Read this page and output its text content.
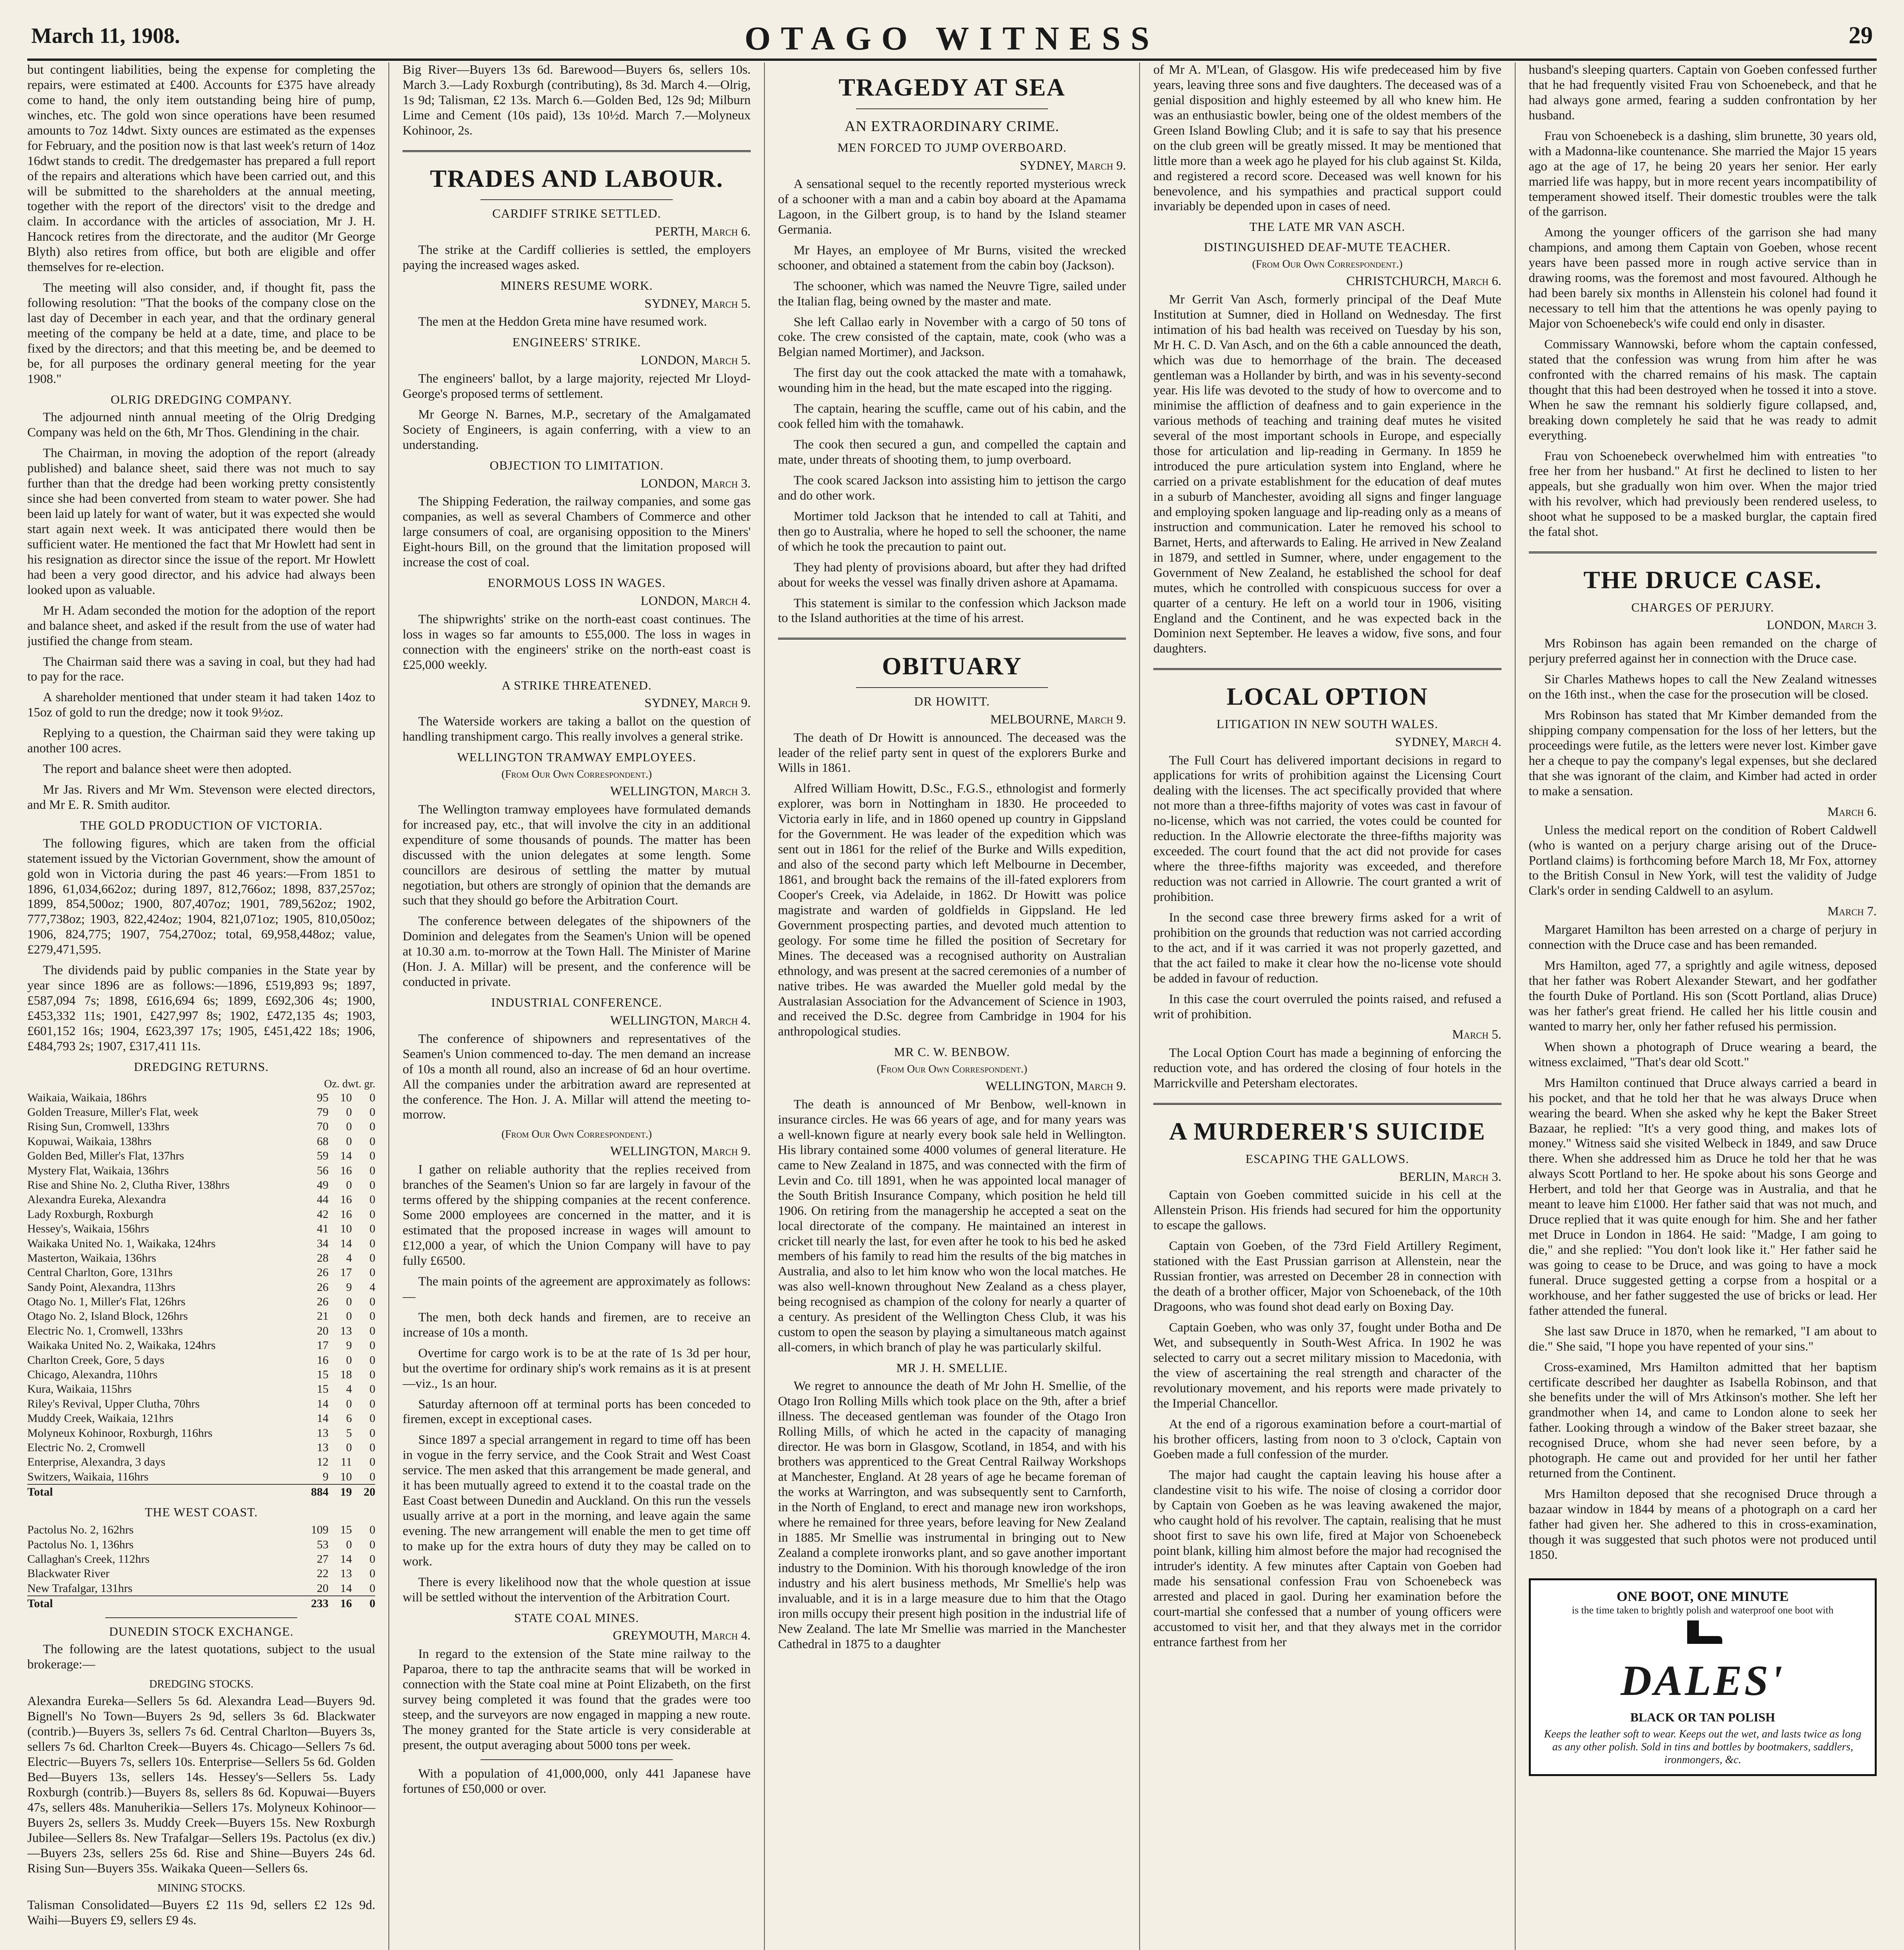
March 11, 1908.	OTAGO WITNESS	29

but contingent liabilities, being the expense for completing the repairs, were estimated at £400. Accounts for £375 have already come to hand, the only item outstanding being hire of pump, winches, etc. The gold won since operations have been resumed amounts to 7oz 14dwt. Sixty ounces are estimated as the expenses for February, and the position now is that last week's return of 14oz 16dwt stands to credit. The dredgemaster has prepared a full report of the repairs and alterations which have been carried out, and this will be submitted to the shareholders at the annual meeting, together with the report of the directors' visit to the dredge and claim. In accordance with the articles of association, Mr J. H. Hancock retires from the directorate, and the auditor (Mr George Blyth) also retires from office, but both are eligible and offer themselves for re-election.

The meeting will also consider, and, if thought fit, pass the following resolution: "That the books of the company close on the last day of December in each year, and that the ordinary general meeting of the company be held at a date, time, and place to be fixed by the directors; and that this meeting be, and be deemed to be, for all purposes the ordinary general meeting for the year 1908."

OLRIG DREDGING COMPANY.

The adjourned ninth annual meeting of the Olrig Dredging Company was held on the 6th, Mr Thos. Glendining in the chair.

The Chairman, in moving the adoption of the report (already published) and balance sheet, said there was not much to say further than that the dredge had been working pretty consistently since she had been converted from steam to water power. She had been laid up lately for want of water, but it was expected she would start again next week. It was anticipated there would then be sufficient water. He mentioned the fact that Mr Howlett had sent in his resignation as director since the issue of the report. Mr Howlett had been a very good director, and his advice had always been looked upon as valuable.

Mr H. Adam seconded the motion for the adoption of the report and balance sheet, and asked if the result from the use of water had justified the change from steam.

The Chairman said there was a saving in coal, but they had had to pay for the race.

A shareholder mentioned that under steam it had taken 14oz to 15oz of gold to run the dredge; now it took 9½oz.

Replying to a question, the Chairman said they were taking up another 100 acres.

The report and balance sheet were then adopted.

Mr Jas. Rivers and Mr Wm. Stevenson were elected directors, and Mr E. R. Smith auditor.

THE GOLD PRODUCTION OF VICTORIA.

The following figures, which are taken from the official statement issued by the Victorian Government, show the amount of gold won in Victoria during the past 46 years:—From 1851 to 1896, 61,034,662oz; during 1897, 812,766oz; 1898, 837,257oz; 1899, 854,500oz; 1900, 807,407oz; 1901, 789,562oz; 1902, 777,738oz; 1903, 822,424oz; 1904, 821,071oz; 1905, 810,050oz; 1906, 824,775; 1907, 754,270oz; total, 69,958,448oz; value, £279,471,595.

The dividends paid by public companies in the State year by year since 1896 are as follows:—1896, £519,893 9s; 1897, £587,094 7s; 1898, £616,694 6s; 1899, £692,306 4s; 1900, £453,332 11s; 1901, £427,997 8s; 1902, £472,135 4s; 1903, £601,152 16s; 1904, £623,397 17s; 1905, £451,422 18s; 1906, £484,793 2s; 1907, £317,411 11s.

DREDGING RETURNS.
Oz. dwt. gr.
Waikaia, Waikaia, 186hrs	95	10	0
Golden Treasure, Miller's Flat, week	79	0	0
Rising Sun, Cromwell, 133hrs	70	0	0
Kopuwai, Waikaia, 138hrs	68	0	0
Golden Bed, Miller's Flat, 137hrs	59	14	0
Mystery Flat, Waikaia, 136hrs	56	16	0
Rise and Shine No. 2, Clutha River, 138hrs	49	0	0
Alexandra Eureka, Alexandra	44	16	0
Lady Roxburgh, Roxburgh	42	16	0
Hessey's, Waikaia, 156hrs	41	10	0
Waikaka United No. 1, Waikaka, 124hrs	34	14	0
Masterton, Waikaia, 136hrs	28	4	0
Central Charlton, Gore, 131hrs	26	17	0
Sandy Point, Alexandra, 113hrs	26	9	4
Otago No. 1, Miller's Flat, 126hrs	26	0	0
Otago No. 2, Island Block, 126hrs	21	0	0
Electric No. 1, Cromwell, 133hrs	20	13	0
Waikaka United No. 2, Waikaka, 124hrs	17	9	0
Charlton Creek, Gore, 5 days	16	0	0
Chicago, Alexandra, 110hrs	15	18	0
Kura, Waikaia, 115hrs	15	4	0
Riley's Revival, Upper Clutha, 70hrs	14	0	0
Muddy Creek, Waikaia, 121hrs	14	6	0
Molyneux Kohinoor, Roxburgh, 116hrs	13	5	0
Electric No. 2, Cromwell	13	0	0
Enterprise, Alexandra, 3 days	12	11	0
Switzers, Waikaia, 116hrs	9	10	0
Total	884	19	20
THE WEST COAST.
Pactolus No. 2, 162hrs	109	15	0
Pactolus No. 1, 136hrs	53	0	0
Callaghan's Creek, 112hrs	27	14	0
Blackwater River	22	13	0
New Trafalgar, 131hrs	20	14	0
Total	233	16	0
DUNEDIN STOCK EXCHANGE.

The following are the latest quotations, subject to the usual brokerage:—

DREDGING STOCKS.

Alexandra Eureka—Sellers 5s 6d. Alexandra Lead—Buyers 9d. Bignell's No Town—Buyers 2s 9d, sellers 3s 6d. Blackwater (contrib.)—Buyers 3s, sellers 7s 6d. Central Charlton—Buyers 3s, sellers 7s 6d. Charlton Creek—Buyers 4s. Chicago—Sellers 7s 6d. Electric—Buyers 7s, sellers 10s. Enterprise—Sellers 5s 6d. Golden Bed—Buyers 13s, sellers 14s. Hessey's—Sellers 5s. Lady Roxburgh (contrib.)—Buyers 8s, sellers 8s 6d. Kopuwai—Buyers 47s, sellers 48s. Manuherikia—Sellers 17s. Molyneux Kohinoor—Buyers 2s, sellers 3s. Muddy Creek—Buyers 15s. New Roxburgh Jubilee—Sellers 8s. New Trafalgar—Sellers 19s. Pactolus (ex div.)—Buyers 23s, sellers 25s 6d. Rise and Shine—Buyers 24s 6d. Rising Sun—Buyers 35s. Waikaka Queen—Sellers 6s.

MINING STOCKS.

Talisman Consolidated—Buyers £2 11s 9d, sellers £2 12s 9d. Waihi—Buyers £9, sellers £9 4s.

Big River—Buyers 13s 6d. Barewood—Buyers 6s, sellers 10s. March 3.—Lady Roxburgh (contributing), 8s 3d. March 4.—Olrig, 1s 9d; Talisman, £2 13s. March 6.—Golden Bed, 12s 9d; Milburn Lime and Cement (10s paid), 13s 10½d. March 7.—Molyneux Kohinoor, 2s.

TRADES AND LABOUR.
CARDIFF STRIKE SETTLED.
PERTH, March 6.

The strike at the Cardiff collieries is settled, the employers paying the increased wages asked.

MINERS RESUME WORK.
SYDNEY, March 5.

The men at the Heddon Greta mine have resumed work.

ENGINEERS' STRIKE.
LONDON, March 5.

The engineers' ballot, by a large majority, rejected Mr Lloyd-George's proposed terms of settlement.

Mr George N. Barnes, M.P., secretary of the Amalgamated Society of Engineers, is again conferring, with a view to an understanding.

OBJECTION TO LIMITATION.
LONDON, March 3.

The Shipping Federation, the railway companies, and some gas companies, as well as several Chambers of Commerce and other large consumers of coal, are organising opposition to the Miners' Eight-hours Bill, on the ground that the limitation proposed will increase the cost of coal.

ENORMOUS LOSS IN WAGES.
LONDON, March 4.

The shipwrights' strike on the north-east coast continues. The loss in wages so far amounts to £55,000. The loss in wages in connection with the engineers' strike on the north-east coast is £25,000 weekly.

A STRIKE THREATENED.
SYDNEY, March 9.

The Waterside workers are taking a ballot on the question of handling transhipment cargo. This really involves a general strike.

WELLINGTON TRAMWAY EMPLOYEES.
(From Our Own Correspondent.)
WELLINGTON, March 3.

The Wellington tramway employees have formulated demands for increased pay, etc., that will involve the city in an additional expenditure of some thousands of pounds. The matter has been discussed with the union delegates at some length. Some councillors are desirous of settling the matter by mutual negotiation, but others are strongly of opinion that the demands are such that they should go before the Arbitration Court.

The conference between delegates of the shipowners of the Dominion and delegates from the Seamen's Union will be opened at 10.30 a.m. to-morrow at the Town Hall. The Minister of Marine (Hon. J. A. Millar) will be present, and the conference will be conducted in private.

INDUSTRIAL CONFERENCE.
WELLINGTON, March 4.

The conference of shipowners and representatives of the Seamen's Union commenced to-day. The men demand an increase of 10s a month all round, also an increase of 6d an hour overtime. All the companies under the arbitration award are represented at the conference. The Hon. J. A. Millar will attend the meeting to-morrow.

(From Our Own Correspondent.)
WELLINGTON, March 9.

I gather on reliable authority that the replies received from branches of the Seamen's Union so far are largely in favour of the terms offered by the shipping companies at the recent conference. Some 2000 employees are concerned in the matter, and it is estimated that the proposed increase in wages will amount to £12,000 a year, of which the Union Company will have to pay fully £6500.

The main points of the agreement are approximately as follows:—

The men, both deck hands and firemen, are to receive an increase of 10s a month.

Overtime for cargo work is to be at the rate of 1s 3d per hour, but the overtime for ordinary ship's work remains as it is at present—viz., 1s an hour.

Saturday afternoon off at terminal ports has been conceded to firemen, except in exceptional cases.

Since 1897 a special arrangement in regard to time off has been in vogue in the ferry service, and the Cook Strait and West Coast service. The men asked that this arrangement be made general, and it has been mutually agreed to extend it to the coastal trade on the East Coast between Dunedin and Auckland. On this run the vessels usually arrive at a port in the morning, and leave again the same evening. The new arrangement will enable the men to get time off to make up for the extra hours of duty they may be called on to work.

There is every likelihood now that the whole question at issue will be settled without the intervention of the Arbitration Court.

STATE COAL MINES.
GREYMOUTH, March 4.

In regard to the extension of the State mine railway to the Paparoa, there to tap the anthracite seams that will be worked in connection with the State coal mine at Point Elizabeth, on the first survey being completed it was found that the grades were too steep, and the surveyors are now engaged in mapping a new route. The money granted for the State article is very considerable at present, the output averaging about 5000 tons per week.

With a population of 41,000,000, only 441 Japanese have fortunes of £50,000 or over.

TRAGEDY AT SEA
AN EXTRAORDINARY CRIME.
MEN FORCED TO JUMP OVERBOARD.
SYDNEY, March 9.

A sensational sequel to the recently reported mysterious wreck of a schooner with a man and a cabin boy aboard at the Apamama Lagoon, in the Gilbert group, is to hand by the Island steamer Germania.

Mr Hayes, an employee of Mr Burns, visited the wrecked schooner, and obtained a statement from the cabin boy (Jackson).

The schooner, which was named the Neuvre Tigre, sailed under the Italian flag, being owned by the master and mate.

She left Callao early in November with a cargo of 50 tons of coke. The crew consisted of the captain, mate, cook (who was a Belgian named Mortimer), and Jackson.

The first day out the cook attacked the mate with a tomahawk, wounding him in the head, but the mate escaped into the rigging.

The captain, hearing the scuffle, came out of his cabin, and the cook felled him with the tomahawk.

The cook then secured a gun, and compelled the captain and mate, under threats of shooting them, to jump overboard.

The cook scared Jackson into assisting him to jettison the cargo and do other work.

Mortimer told Jackson that he intended to call at Tahiti, and then go to Australia, where he hoped to sell the schooner, the name of which he took the precaution to paint out.

They had plenty of provisions aboard, but after they had drifted about for weeks the vessel was finally driven ashore at Apamama.

This statement is similar to the confession which Jackson made to the Island authorities at the time of his arrest.

OBITUARY
DR HOWITT.
MELBOURNE, March 9.

The death of Dr Howitt is announced. The deceased was the leader of the relief party sent in quest of the explorers Burke and Wills in 1861.

Alfred William Howitt, D.Sc., F.G.S., ethnologist and formerly explorer, was born in Nottingham in 1830. He proceeded to Victoria early in life, and in 1860 opened up country in Gippsland for the Government. He was leader of the expedition which was sent out in 1861 for the relief of the Burke and Wills expedition, and also of the second party which left Melbourne in December, 1861, and brought back the remains of the ill-fated explorers from Cooper's Creek, via Adelaide, in 1862. Dr Howitt was police magistrate and warden of goldfields in Gippsland. He led Government prospecting parties, and devoted much attention to geology. For some time he filled the position of Secretary for Mines. The deceased was a recognised authority on Australian ethnology, and was present at the sacred ceremonies of a number of native tribes. He was awarded the Mueller gold medal by the Australasian Association for the Advancement of Science in 1903, and received the D.Sc. degree from Cambridge in 1904 for his anthropological studies.

MR C. W. BENBOW.
(From Our Own Correspondent.)
WELLINGTON, March 9.

The death is announced of Mr Benbow, well-known in insurance circles. He was 66 years of age, and for many years was a well-known figure at nearly every book sale held in Wellington. His library contained some 4000 volumes of general literature. He came to New Zealand in 1875, and was connected with the firm of Levin and Co. till 1891, when he was appointed local manager of the South British Insurance Company, which position he held till 1906. On retiring from the managership he accepted a seat on the local directorate of the company. He maintained an interest in cricket till nearly the last, for even after he took to his bed he asked members of his family to read him the results of the big matches in Australia, and also to let him know who won the local matches. He was also well-known throughout New Zealand as a chess player, being recognised as champion of the colony for nearly a quarter of a century. As president of the Wellington Chess Club, it was his custom to open the season by playing a simultaneous match against all-comers, in which branch of play he was particularly skilful.

MR J. H. SMELLIE.

We regret to announce the death of Mr John H. Smellie, of the Otago Iron Rolling Mills which took place on the 9th, after a brief illness. The deceased gentleman was founder of the Otago Iron Rolling Mills, of which he acted in the capacity of managing director. He was born in Glasgow, Scotland, in 1854, and with his brothers was apprenticed to the Great Central Railway Workshops at Manchester, England. At 28 years of age he became foreman of the works at Warrington, and was subsequently sent to Carnforth, in the North of England, to erect and manage new iron workshops, where he remained for three years, before leaving for New Zealand in 1885. Mr Smellie was instrumental in bringing out to New Zealand a complete ironworks plant, and so gave another important industry to the Dominion. With his thorough knowledge of the iron industry and his alert business methods, Mr Smellie's help was invaluable, and it is in a large measure due to him that the Otago iron mills occupy their present high position in the industrial life of New Zealand. The late Mr Smellie was married in the Manchester Cathedral in 1875 to a daughter

of Mr A. M'Lean, of Glasgow. His wife predeceased him by five years, leaving three sons and five daughters. The deceased was of a genial disposition and highly esteemed by all who knew him. He was an enthusiastic bowler, being one of the oldest members of the Green Island Bowling Club; and it is safe to say that his presence on the club green will be greatly missed. It may be mentioned that little more than a week ago he played for his club against St. Kilda, and registered a record score. Deceased was well known for his benevolence, and his sympathies and practical support could invariably be depended upon in cases of need.

THE LATE MR VAN ASCH.
DISTINGUISHED DEAF-MUTE TEACHER.
(From Our Own Correspondent.)
CHRISTCHURCH, March 6.

Mr Gerrit Van Asch, formerly principal of the Deaf Mute Institution at Sumner, died in Holland on Wednesday. The first intimation of his bad health was received on Tuesday by his son, Mr H. C. D. Van Asch, and on the 6th a cable announced the death, which was due to hemorrhage of the brain. The deceased gentleman was a Hollander by birth, and was in his seventy-second year. His life was devoted to the study of how to overcome and to minimise the affliction of deafness and to gain experience in the various methods of teaching and training deaf mutes he visited several of the most important schools in Europe, and especially those for articulation and lip-reading in Germany. In 1859 he introduced the pure articulation system into England, where he carried on a private establishment for the education of deaf mutes in a suburb of Manchester, avoiding all signs and finger language and employing spoken language and lip-reading only as a means of instruction and communication. Later he removed his school to Barnet, Herts, and afterwards to Ealing. He arrived in New Zealand in 1879, and settled in Sumner, where, under engagement to the Government of New Zealand, he established the school for deaf mutes, which he controlled with conspicuous success for over a quarter of a century. He left on a world tour in 1906, visiting England and the Continent, and he was expected back in the Dominion next September. He leaves a widow, five sons, and four daughters.

LOCAL OPTION
LITIGATION IN NEW SOUTH WALES.
SYDNEY, March 4.

The Full Court has delivered important decisions in regard to applications for writs of prohibition against the Licensing Court dealing with the licenses. The act specifically provided that where not more than a three-fifths majority of votes was cast in favour of no-license, which was not carried, the votes could be counted for reduction. In the Allowrie electorate the three-fifths majority was exceeded. The court found that the act did not provide for cases where the three-fifths majority was exceeded, and therefore reduction was not carried in Allowrie. The court granted a writ of prohibition.

In the second case three brewery firms asked for a writ of prohibition on the grounds that reduction was not carried according to the act, and if it was carried it was not properly gazetted, and that the act failed to make it clear how the no-license vote should be added in favour of reduction.

In this case the court overruled the points raised, and refused a writ of prohibition.

March 5.

The Local Option Court has made a beginning of enforcing the reduction vote, and has ordered the closing of four hotels in the Marrickville and Petersham electorates.

A MURDERER'S SUICIDE
ESCAPING THE GALLOWS.
BERLIN, March 3.

Captain von Goeben committed suicide in his cell at the Allenstein Prison. His friends had secured for him the opportunity to escape the gallows.

Captain von Goeben, of the 73rd Field Artillery Regiment, stationed with the East Prussian garrison at Allenstein, near the Russian frontier, was arrested on December 28 in connection with the death of a brother officer, Major von Schoeneback, of the 10th Dragoons, who was found shot dead early on Boxing Day.

Captain Goeben, who was only 37, fought under Botha and De Wet, and subsequently in South-West Africa. In 1902 he was selected to carry out a secret military mission to Macedonia, with the view of ascertaining the real strength and character of the revolutionary movement, and his reports were made privately to the Imperial Chancellor.

At the end of a rigorous examination before a court-martial of his brother officers, lasting from noon to 3 o'clock, Captain von Goeben made a full confession of the murder.

The major had caught the captain leaving his house after a clandestine visit to his wife. The noise of closing a corridor door by Captain von Goeben as he was leaving awakened the major, who caught hold of his revolver. The captain, realising that he must shoot first to save his own life, fired at Major von Schoenebeck point blank, killing him almost before the major had recognised the intruder's identity. A few minutes after Captain von Goeben had made his sensational confession Frau von Schoenebeck was arrested and placed in gaol. During her examination before the court-martial she confessed that a number of young officers were accustomed to visit her, and that they always met in the corridor entrance farthest from her

husband's sleeping quarters. Captain von Goeben confessed further that he had frequently visited Frau von Schoenebeck, and that he had always gone armed, fearing a sudden confrontation by her husband.

Frau von Schoenebeck is a dashing, slim brunette, 30 years old, with a Madonna-like countenance. She married the Major 15 years ago at the age of 17, he being 20 years her senior. Her early married life was happy, but in more recent years incompatibility of temperament showed itself. Their domestic troubles were the talk of the garrison.

Among the younger officers of the garrison she had many champions, and among them Captain von Goeben, whose recent years have been passed more in rough active service than in drawing rooms, was the foremost and most favoured. Although he had been barely six months in Allenstein his colonel had found it necessary to tell him that the attentions he was openly paying to Major von Schoenebeck's wife could end only in disaster.

Commissary Wannowski, before whom the captain confessed, stated that the confession was wrung from him after he was confronted with the charred remains of his mask. The captain thought that this had been destroyed when he tossed it into a stove. When he saw the remnant his soldierly figure collapsed, and, breaking down completely he said that he was ready to admit everything.

Frau von Schoenebeck overwhelmed him with entreaties "to free her from her husband." At first he declined to listen to her appeals, but she gradually won him over. When the major tried with his revolver, which had previously been rendered useless, to shoot what he supposed to be a masked burglar, the captain fired the fatal shot.

THE DRUCE CASE.
CHARGES OF PERJURY.
LONDON, March 3.

Mrs Robinson has again been remanded on the charge of perjury preferred against her in connection with the Druce case.

Sir Charles Mathews hopes to call the New Zealand witnesses on the 16th inst., when the case for the prosecution will be closed.

Mrs Robinson has stated that Mr Kimber demanded from the shipping company compensation for the loss of her letters, but the proceedings were futile, as the letters were never lost. Kimber gave her a cheque to pay the company's legal expenses, but she declared that she was ignorant of the claim, and Kimber had acted in order to make a sensation.

March 6.

Unless the medical report on the condition of Robert Caldwell (who is wanted on a perjury charge arising out of the Druce-Portland claims) is forthcoming before March 18, Mr Fox, attorney to the British Consul in New York, will test the validity of Judge Clark's order in sending Caldwell to an asylum.

March 7.

Margaret Hamilton has been arrested on a charge of perjury in connection with the Druce case and has been remanded.

Mrs Hamilton, aged 77, a sprightly and agile witness, deposed that her father was Robert Alexander Stewart, and her godfather the fourth Duke of Portland. His son (Scott Portland, alias Druce) was her father's great friend. He called her his little cousin and wanted to marry her, only her father refused his permission.

When shown a photograph of Druce wearing a beard, the witness exclaimed, "That's dear old Scott."

Mrs Hamilton continued that Druce always carried a beard in his pocket, and that he told her that he was always Druce when wearing the beard. When she asked why he kept the Baker Street Bazaar, he replied: "It's a very good thing, and makes lots of money." Witness said she visited Welbeck in 1849, and saw Druce there. When she addressed him as Druce he told her that he was always Scott Portland to her. He spoke about his sons George and Herbert, and told her that George was in Australia, and that he meant to leave him £1000. Her father said that was not much, and Druce replied that it was quite enough for him. She and her father met Druce in London in 1864. He said: "Madge, I am going to die," and she replied: "You don't look like it." Her father said he was going to cease to be Druce, and was going to have a mock funeral. Druce suggested getting a corpse from a hospital or a workhouse, and her father suggested the use of bricks or lead. Her father attended the funeral.

She last saw Druce in 1870, when he remarked, "I am about to die." She said, "I hope you have repented of your sins."

Cross-examined, Mrs Hamilton admitted that her baptism certificate described her daughter as Isabella Robinson, and that she benefits under the will of Mrs Atkinson's mother. She left her grandmother when 14, and came to London alone to seek her father. Looking through a window of the Baker street bazaar, she recognised Druce, whom she had never seen before, by a photograph. He came out and provided for her until her father returned from the Continent.

Mrs Hamilton deposed that she recognised Druce through a bazaar window in 1844 by means of a photograph on a card her father had given her. She adhered to this in cross-examination, though it was suggested that such photos were not produced until 1850.

ONE BOOT, ONE MINUTE
is the time taken to brightly polish and waterproof one boot with
DALES'
BLACK OR TAN POLISH
Keeps the leather soft to wear. Keeps out the wet, and lasts twice as long as any other polish. Sold in tins and bottles by bootmakers, saddlers, ironmongers, &c.
